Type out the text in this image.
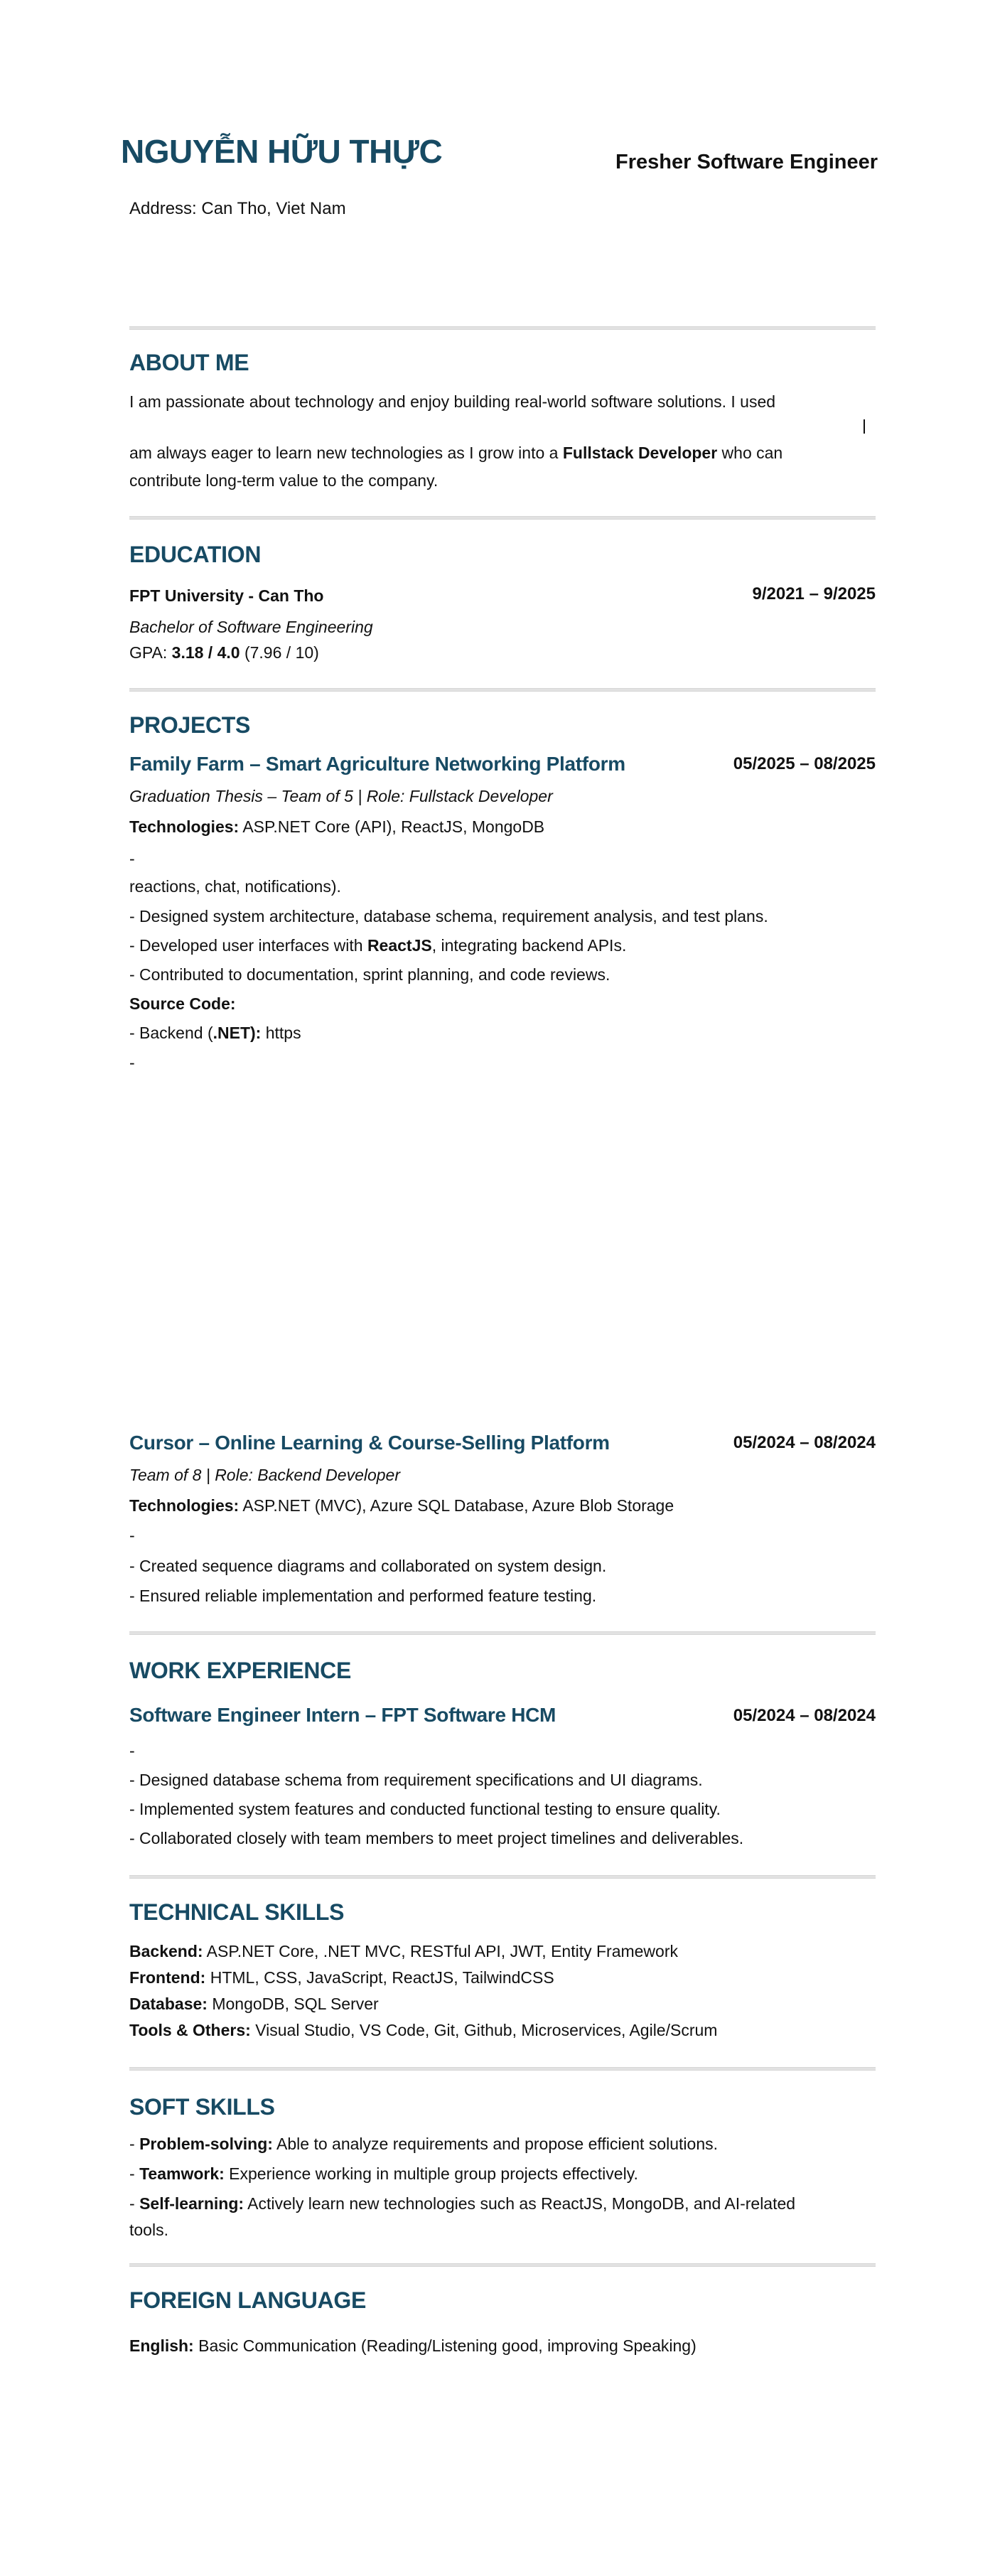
NGUYỄN HỮU THỰC	Fresher Software Engineer
Address: Can Tho, Viet Nam
ABOUT ME
I am passionate about technology and enjoy building real-world software solutions. I used
am always eager to learn new technologies as I grow into a Fullstack Developer who can
contribute long-term value to the company.
EDUCATION
FPT University - Can Tho	9/2021 – 9/2025
Bachelor of Software Engineering
GPA: 3.18 / 4.0 (7.96 / 10)
PROJECTS
Family Farm – Smart Agriculture Networking Platform	05/2025 – 08/2025
Graduation Thesis – Team of 5 | Role: Fullstack Developer
Technologies: ASP.NET Core (API), ReactJS, MongoDB
-
reactions, chat, notifications).
- Designed system architecture, database schema, requirement analysis, and test plans.
- Developed user interfaces with ReactJS, integrating backend APIs.
- Contributed to documentation, sprint planning, and code reviews.
Source Code:
- Backend (.NET): https
-
Cursor – Online Learning & Course-Selling Platform	05/2024 – 08/2024
Team of 8 | Role: Backend Developer
Technologies: ASP.NET (MVC), Azure SQL Database, Azure Blob Storage
-
- Created sequence diagrams and collaborated on system design.
- Ensured reliable implementation and performed feature testing.
WORK EXPERIENCE
Software Engineer Intern – FPT Software HCM	05/2024 – 08/2024
-
- Designed database schema from requirement specifications and UI diagrams.
- Implemented system features and conducted functional testing to ensure quality.
- Collaborated closely with team members to meet project timelines and deliverables.
TECHNICAL SKILLS
Backend: ASP.NET Core, .NET MVC, RESTful API, JWT, Entity Framework
Frontend: HTML, CSS, JavaScript, ReactJS, TailwindCSS
Database: MongoDB, SQL Server
Tools & Others: Visual Studio, VS Code, Git, Github, Microservices, Agile/Scrum
SOFT SKILLS
- Problem-solving: Able to analyze requirements and propose efficient solutions.
- Teamwork: Experience working in multiple group projects effectively.
- Self-learning: Actively learn new technologies such as ReactJS, MongoDB, and AI-related
tools.
FOREIGN LANGUAGE
English: Basic Communication (Reading/Listening good, improving Speaking)
